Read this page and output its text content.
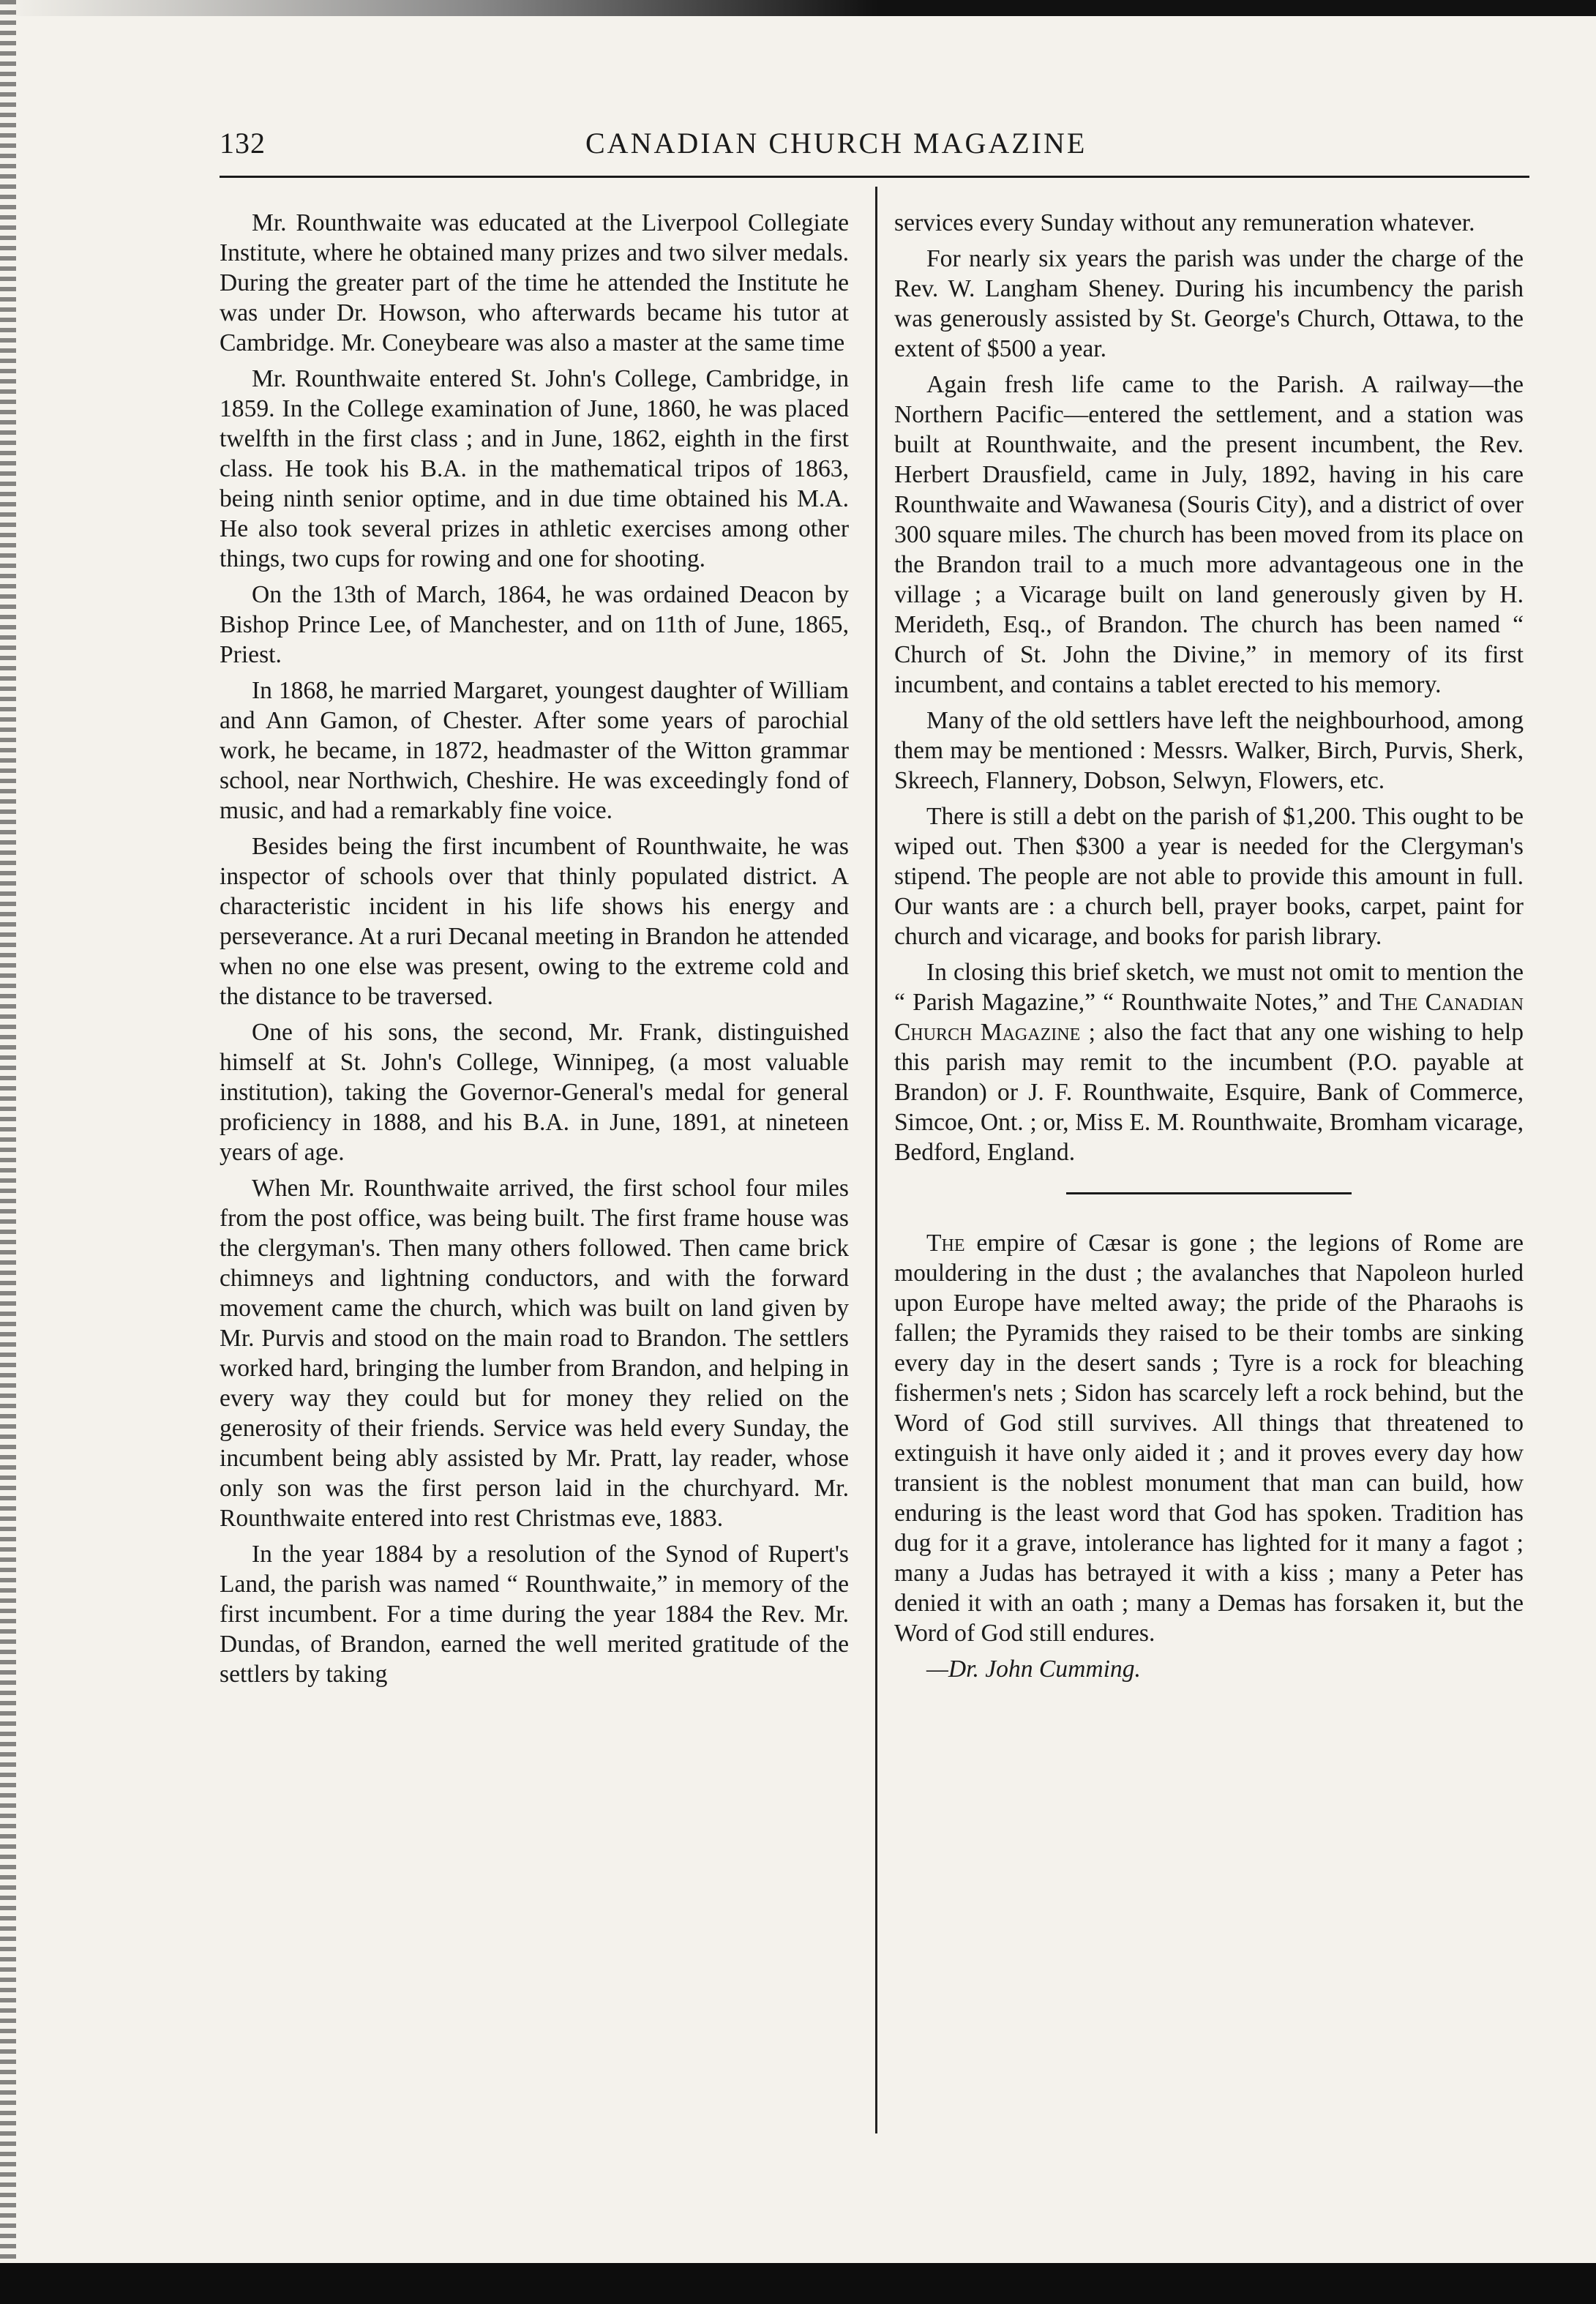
132	CANADIAN CHURCH MAGAZINE

Mr. Rounthwaite was educated at the Liverpool Collegiate Institute, where he obtained many prizes and two silver medals. During the greater part of the time he attended the Institute he was under Dr. Howson, who afterwards became his tutor at Cambridge. Mr. Coneybeare was also a master at the same time

Mr. Rounthwaite entered St. John's College, Cambridge, in 1859. In the College examination of June, 1860, he was placed twelfth in the first class ; and in June, 1862, eighth in the first class. He took his B.A. in the mathematical tripos of 1863, being ninth senior optime, and in due time obtained his M.A. He also took several prizes in athletic exercises among other things, two cups for rowing and one for shooting.

On the 13th of March, 1864, he was ordained Deacon by Bishop Prince Lee, of Manchester, and on 11th of June, 1865, Priest.

In 1868, he married Margaret, youngest daughter of William and Ann Gamon, of Chester. After some years of parochial work, he became, in 1872, headmaster of the Witton grammar school, near Northwich, Cheshire. He was exceedingly fond of music, and had a remarkably fine voice.

Besides being the first incumbent of Rounthwaite, he was inspector of schools over that thinly populated district. A characteristic incident in his life shows his energy and perseverance. At a ruri Decanal meeting in Brandon he attended when no one else was present, owing to the extreme cold and the distance to be traversed.

One of his sons, the second, Mr. Frank, distinguished himself at St. John's College, Winnipeg, (a most valuable institution), taking the Governor-General's medal for general proficiency in 1888, and his B.A. in June, 1891, at nineteen years of age.

When Mr. Rounthwaite arrived, the first school four miles from the post office, was being built. The first frame house was the clergyman's. Then many others followed. Then came brick chimneys and lightning conductors, and with the forward movement came the church, which was built on land given by Mr. Purvis and stood on the main road to Brandon. The settlers worked hard, bringing the lumber from Brandon, and helping in every way they could but for money they relied on the generosity of their friends. Service was held every Sunday, the incumbent being ably assisted by Mr. Pratt, lay reader, whose only son was the first person laid in the churchyard. Mr. Rounthwaite entered into rest Christmas eve, 1883.

In the year 1884 by a resolution of the Synod of Rupert's Land, the parish was named “ Rounthwaite,” in memory of the first incumbent. For a time during the year 1884 the Rev. Mr. Dundas, of Brandon, earned the well merited gratitude of the settlers by taking

services every Sunday without any remuneration whatever.

For nearly six years the parish was under the charge of the Rev. W. Langham Sheney. During his incumbency the parish was generously assisted by St. George's Church, Ottawa, to the extent of $500 a year.

Again fresh life came to the Parish. A railway—the Northern Pacific—entered the settlement, and a station was built at Rounthwaite, and the present incumbent, the Rev. Herbert Drausfield, came in July, 1892, having in his care Rounthwaite and Wawanesa (Souris City), and a district of over 300 square miles. The church has been moved from its place on the Brandon trail to a much more advantageous one in the village ; a Vicarage built on land generously given by H. Merideth, Esq., of Brandon. The church has been named “ Church of St. John the Divine,” in memory of its first incumbent, and contains a tablet erected to his memory.

Many of the old settlers have left the neighbourhood, among them may be mentioned : Messrs. Walker, Birch, Purvis, Sherk, Skreech, Flannery, Dobson, Selwyn, Flowers, etc.

There is still a debt on the parish of $1,200. This ought to be wiped out. Then $300 a year is needed for the Clergyman's stipend. The people are not able to provide this amount in full. Our wants are : a church bell, prayer books, carpet, paint for church and vicarage, and books for parish library.

In closing this brief sketch, we must not omit to mention the “ Parish Magazine,” “ Rounthwaite Notes,” and The Canadian Church Magazine ; also the fact that any one wishing to help this parish may remit to the incumbent (P.O. payable at Brandon) or J. F. Rounthwaite, Esquire, Bank of Commerce, Simcoe, Ont. ; or, Miss E. M. Rounthwaite, Bromham vicarage, Bedford, England.

The empire of Cæsar is gone ; the legions of Rome are mouldering in the dust ; the avalanches that Napoleon hurled upon Europe have melted away; the pride of the Pharaohs is fallen; the Pyramids they raised to be their tombs are sinking every day in the desert sands ; Tyre is a rock for bleaching fishermen's nets ; Sidon has scarcely left a rock behind, but the Word of God still survives. All things that threatened to extinguish it have only aided it ; and it proves every day how transient is the noblest monument that man can build, how enduring is the least word that God has spoken. Tradition has dug for it a grave, intolerance has lighted for it many a fagot ; many a Judas has betrayed it with a kiss ; many a Peter has denied it with an oath ; many a Demas has forsaken it, but the Word of God still endures.

—Dr. John Cumming.
